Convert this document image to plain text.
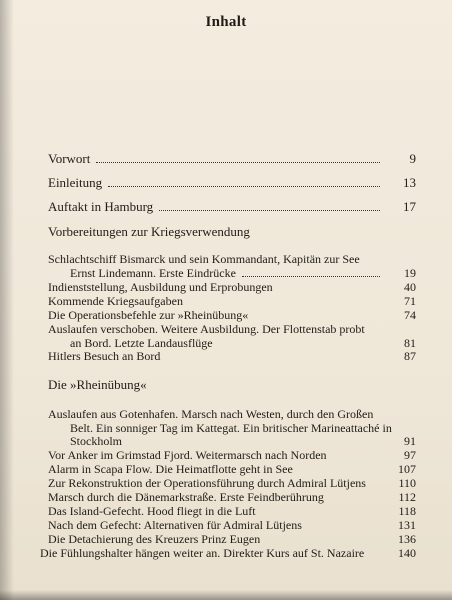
Inhalt
Vorwort	9
Einleitung	13
Auftakt in Hamburg	17
Vorbereitungen zur Kriegsverwendung
Schlachtschiff Bismarck und sein Kommandant, Kapitän zur See
Ernst Lindemann. Erste Eindrücke	19
Indienststellung, Ausbildung und Erprobungen	40
Kommende Kriegsaufgaben	71
Die Operationsbefehle zur »Rheinübung«	74
Auslaufen verschoben. Weitere Ausbildung. Der Flottenstab probt
an Bord. Letzte Landausflüge	81
Hitlers Besuch an Bord	87
Die »Rheinübung«
Auslaufen aus Gotenhafen. Marsch nach Westen, durch den Großen
Belt. Ein sonniger Tag im Kattegat. Ein britischer Marineattaché in
Stockholm	91
Vor Anker im Grimstad Fjord. Weitermarsch nach Norden	97
Alarm in Scapa Flow. Die Heimatflotte geht in See	107
Zur Rekonstruktion der Operationsführung durch Admiral Lütjens	110
Marsch durch die Dänemarkstraße. Erste Feindberührung	112
Das Island-Gefecht. Hood fliegt in die Luft	118
Nach dem Gefecht: Alternativen für Admiral Lütjens	131
Die Detachierung des Kreuzers Prinz Eugen	136
Die Fühlungshalter hängen weiter an. Direkter Kurs auf St. Nazaire	140
